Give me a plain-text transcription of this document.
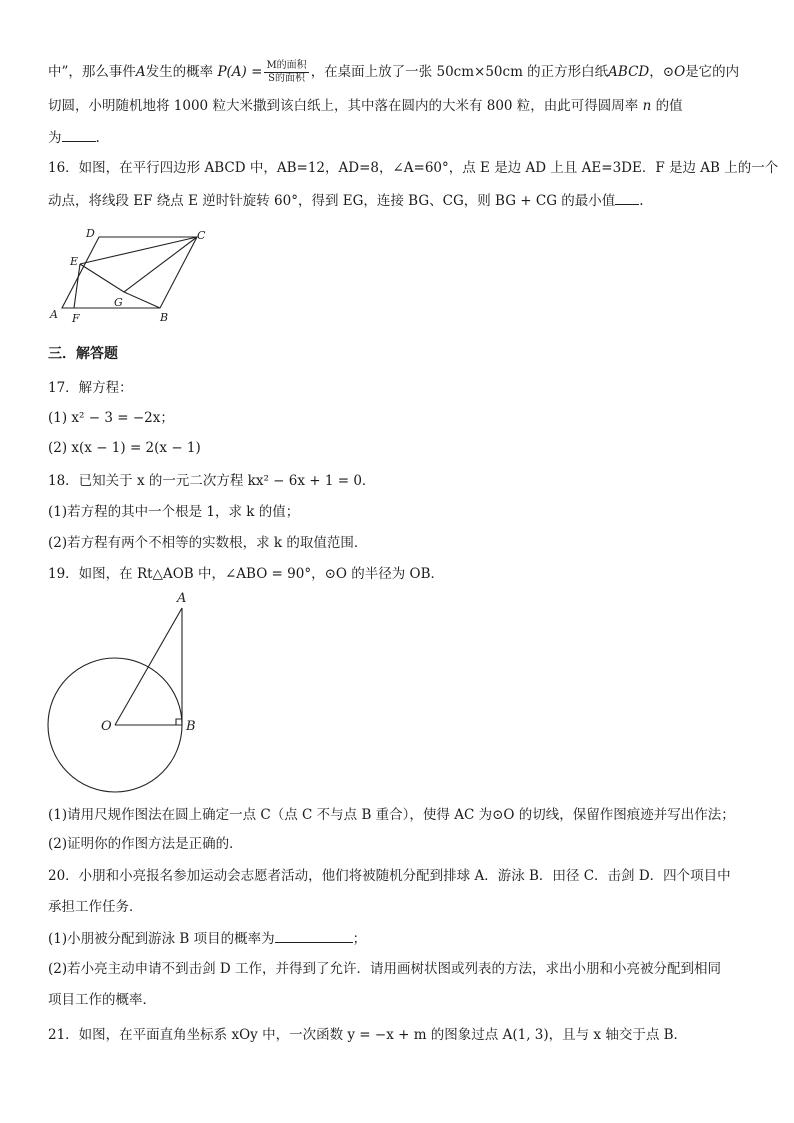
中”，那么事件A发生的概率 $P(A) = \frac{\text{M的面积}}{\text{S的面积}}$ ，在桌面上放了一张 50cm×50cm 的正方形白纸ABCD，⊙O是它的内
切圆，小明随机地将 1000 粒大米撒到该白纸上，其中落在圆内的大米有 800 粒，由此可得圆周率 n 的值
为	.
16．如图，在平行四边形 ABCD 中，AB=12，AD=8，∠A=60°，点 E 是边 AD 上且 AE=3DE．F 是边 AB 上的一个
动点，将线段 EF 绕点 E 逆时针旋转 60°，得到 EG，连接 BG、CG，则 BG + CG 的最小值 .
A	B
C
D
E
F
G
三．解答题
17．解方程：
(1) x² − 3 = −2x；
(2) x(x − 1) = 2(x − 1)
18．已知关于 x 的一元二次方程 kx² − 6x + 1 = 0．
(1)若方程的其中一个根是 1，求 k 的值；
(2)若方程有两个不相等的实数根，求 k 的取值范围．
19．如图，在 Rt△AOB 中，∠ABO = 90°，⊙O 的半径为 OB．
A
O	B
(1)请用尺规作图法在圆上确定一点 C（点 C 不与点 B 重合），使得 AC 为⊙O 的切线，保留作图痕迹并写出作法；
(2)证明你的作图方法是正确的．
20．小朋和小亮报名参加运动会志愿者活动，他们将被随机分配到排球 A．游泳 B．田径 C．击剑 D．四个项目中
承担工作任务．
(1)小朋被分配到游泳 B 项目的概率为	；
(2)若小亮主动申请不到击剑 D 工作，并得到了允许．请用画树状图或列表的方法，求出小朋和小亮被分配到相同
项目工作的概率．
21．如图，在平面直角坐标系 xOy 中，一次函数 y = −x + m 的图象过点 A(1, 3)，且与 x 轴交于点 B．
